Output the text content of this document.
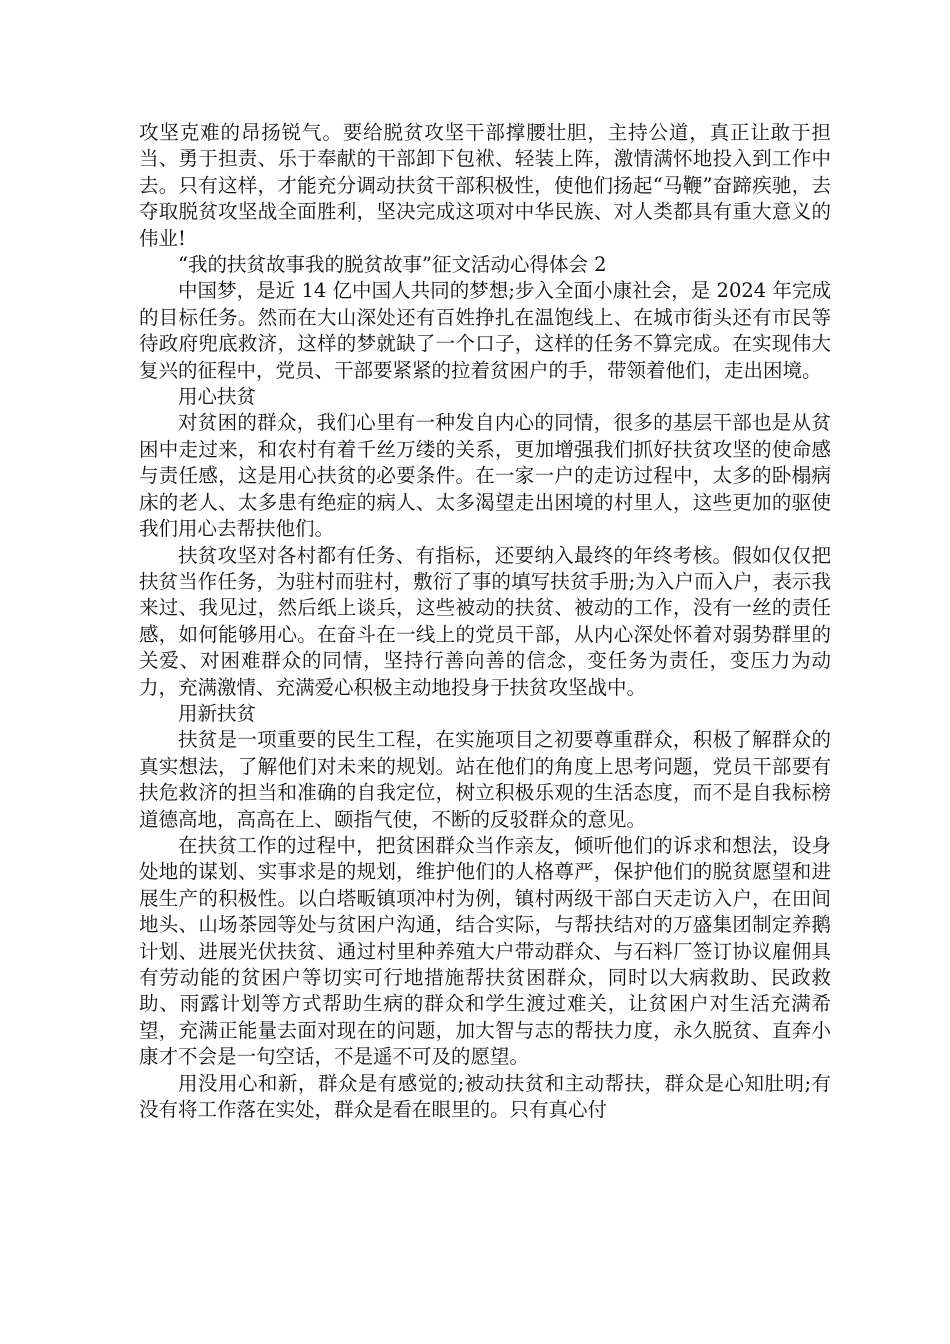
攻坚克难的昂扬锐气。要给脱贫攻坚干部撑腰壮胆，主持公道，真正让敢于担当、勇于担责、乐于奉献的干部卸下包袱、轻装上阵，激情满怀地投入到工作中去。只有这样，才能充分调动扶贫干部积极性，使他们扬起“马鞭”奋蹄疾驰，去夺取脱贫攻坚战全面胜利，坚决完成这项对中华民族、对人类都具有重大意义的伟业!

“我的扶贫故事我的脱贫故事”征文活动心得体会 2

中国梦，是近 14 亿中国人共同的梦想;步入全面小康社会，是 2024 年完成的目标任务。然而在大山深处还有百姓挣扎在温饱线上、在城市街头还有市民等待政府兜底救济，这样的梦就缺了一个口子，这样的任务不算完成。在实现伟大复兴的征程中，党员、干部要紧紧的拉着贫困户的手，带领着他们，走出困境。

用心扶贫

对贫困的群众，我们心里有一种发自内心的同情，很多的基层干部也是从贫困中走过来，和农村有着千丝万缕的关系，更加增强我们抓好扶贫攻坚的使命感与责任感，这是用心扶贫的必要条件。在一家一户的走访过程中，太多的卧榻病床的老人、太多患有绝症的病人、太多渴望走出困境的村里人，这些更加的驱使我们用心去帮扶他们。

扶贫攻坚对各村都有任务、有指标，还要纳入最终的年终考核。假如仅仅把扶贫当作任务，为驻村而驻村，敷衍了事的填写扶贫手册;为入户而入户，表示我来过、我见过，然后纸上谈兵，这些被动的扶贫、被动的工作，没有一丝的责任感，如何能够用心。在奋斗在一线上的党员干部，从内心深处怀着对弱势群里的关爱、对困难群众的同情，坚持行善向善的信念，变任务为责任，变压力为动力，充满激情、充满爱心积极主动地投身于扶贫攻坚战中。

用新扶贫

扶贫是一项重要的民生工程，在实施项目之初要尊重群众，积极了解群众的真实想法，了解他们对未来的规划。站在他们的角度上思考问题，党员干部要有扶危救济的担当和准确的自我定位，树立积极乐观的生活态度，而不是自我标榜道德高地，高高在上、颐指气使，不断的反驳群众的意见。

在扶贫工作的过程中，把贫困群众当作亲友，倾听他们的诉求和想法，设身处地的谋划、实事求是的规划，维护他们的人格尊严，保护他们的脱贫愿望和进展生产的积极性。以白塔畈镇项冲村为例，镇村两级干部白天走访入户，在田间地头、山场茶园等处与贫困户沟通，结合实际，与帮扶结对的万盛集团制定养鹅计划、进展光伏扶贫、通过村里种养殖大户带动群众、与石料厂签订协议雇佣具有劳动能的贫困户等切实可行地措施帮扶贫困群众，同时以大病救助、民政救助、雨露计划等方式帮助生病的群众和学生渡过难关，让贫困户对生活充满希望，充满正能量去面对现在的问题，加大智与志的帮扶力度，永久脱贫、直奔小康才不会是一句空话，不是遥不可及的愿望。

用没用心和新，群众是有感觉的;被动扶贫和主动帮扶，群众是心知肚明;有没有将工作落在实处，群众是看在眼里的。只有真心付
